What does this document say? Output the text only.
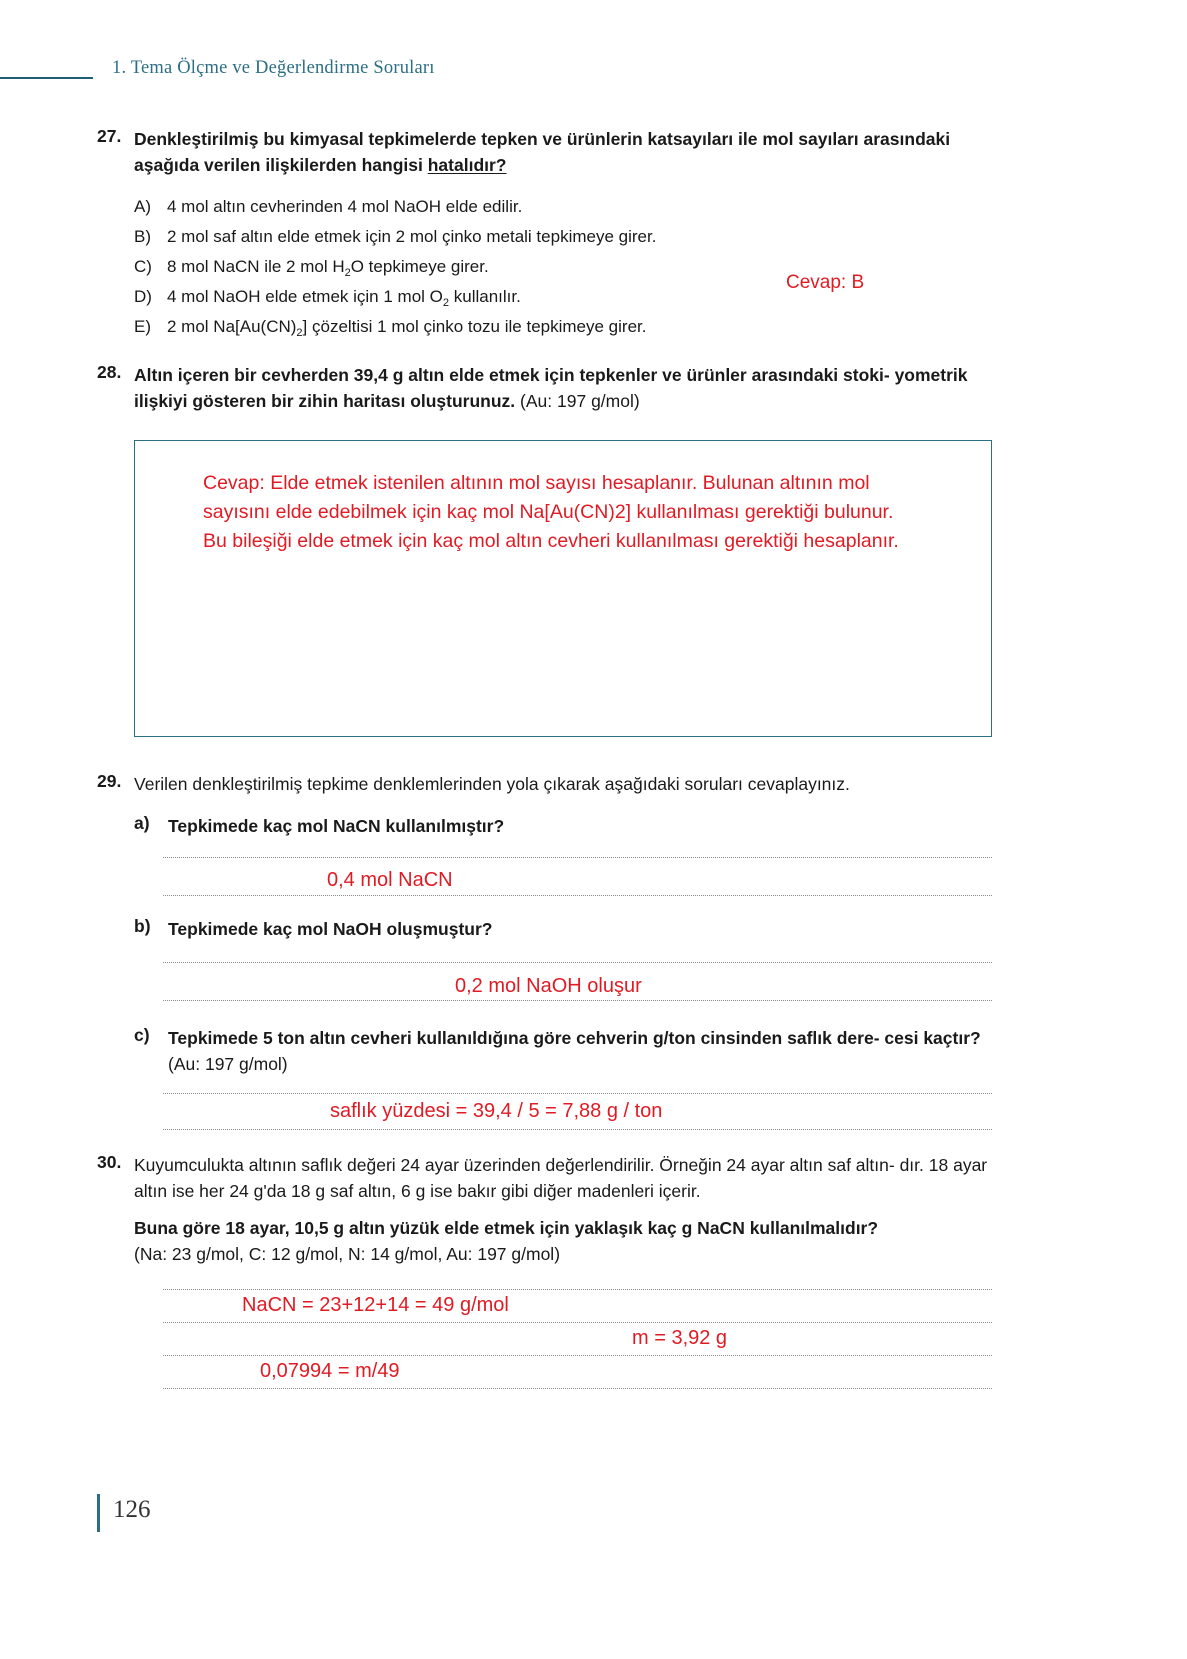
1. Tema Ölçme ve Değerlendirme Soruları
27. Denkleştirilmiş bu kimyasal tepkimelerde tepken ve ürünlerin katsayıları ile mol sayıları arasındaki aşağıda verilen ilişkilerden hangisi hatalıdır?
A) 4 mol altın cevherinden 4 mol NaOH elde edilir.
B) 2 mol saf altın elde etmek için 2 mol çinko metali tepkimeye girer.
C) 8 mol NaCN ile 2 mol $H_2O$ tepkimeye girer.
D) 4 mol NaOH elde etmek için 1 mol $O_2$ kullanılır.
E) 2 mol $Na[Au(CN)_2]$ çözeltisi 1 mol çinko tozu ile tepkimeye girer.
Cevap: B
28. Altın içeren bir cevherden 39,4 g altın elde etmek için tepkenler ve ürünler arasındaki stoki- yometrik ilişkiyi gösteren bir zihin haritası oluşturunuz. (Au: 197 g/mol)
Cevap: Elde etmek istenilen altının mol sayısı hesaplanır. Bulunan altının mol sayısını elde edebilmek için kaç mol Na[Au(CN)2] kullanılması gerektiği bulunur. Bu bileşiği elde etmek için kaç mol altın cevheri kullanılması gerektiği hesaplanır.
29. Verilen denkleştirilmiş tepkime denklemlerinden yola çıkarak aşağıdaki soruları cevaplayınız.
a) Tepkimede kaç mol NaCN kullanılmıştır?
0,4 mol NaCN
b) Tepkimede kaç mol NaOH oluşmuştur?
0,2 mol NaOH oluşur
c) Tepkimede 5 ton altın cevheri kullanıldığına göre cehverin g/ton cinsinden saflık dere- cesi kaçtır? (Au: 197 g/mol)
saflık yüzdesi = 39,4 / 5 = 7,88 g / ton
30. Kuyumculukta altının saflık değeri 24 ayar üzerinden değerlendirilir. Örneğin 24 ayar altın saf altın- dır. 18 ayar altın ise her 24 g'da 18 g saf altın, 6 g ise bakır gibi diğer madenleri içerir.
Buna göre 18 ayar, 10,5 g altın yüzük elde etmek için yaklaşık kaç g NaCN kullanılmalıdır?
(Na: 23 g/mol, C: 12 g/mol, N: 14 g/mol, Au: 197 g/mol)
NaCN = 23+12+14 = 49 g/mol
m = 3,92 g
0,07994 = m/49
126
